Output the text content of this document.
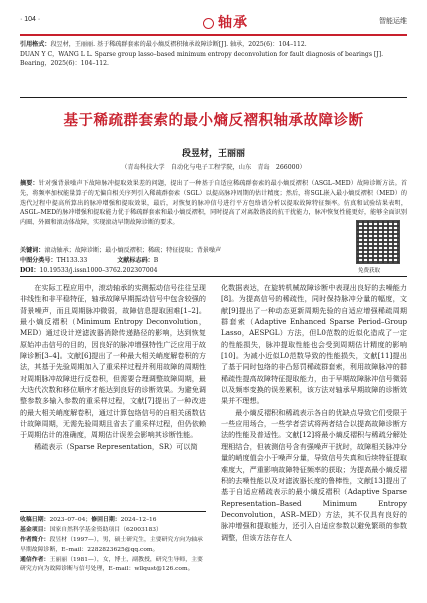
· 104 ·	轴承	智能运维
引用格式：段昱材，王丽丽. 基于稀疏群套索的最小熵反褶积轴承故障诊断[J]. 轴承，2025(6)：104–112.
DUAN Y C，WANG L L. Sparse group lasso–based minimum entropy deconvolution for fault diagnosis of bearings [J]. Bearing，2025(6)：104–112.
基于稀疏群套索的最小熵反褶积轴承故障诊断
段昱材，王丽丽
（青岛科技大学　自动化与电子工程学院，山东　青岛　266000）
摘要：针对强背景噪声下故障脉冲提取效果差的问题，提出了一种基于自适应稀疏群套索的最小熵反褶积（ASGL–MED）故障诊断方法。首先，将频率加权能量算子的无偏自相关序列引入稀疏群套索（SGL）以提高脉冲周期的估计精度；然后，将SGL嵌入最小熵反褶积（MED）的迭代过程中提高所算出的脉冲增强和提取效果，最后，对恢复的脉冲信号进行平方包络谱分析以提取故障特征频率。仿真和试验结果表明，ASGL–MED的脉冲增强和提取能力优于稀疏群套索和最小熵反褶积，同时提高了对离散谐波的抗干扰能力，脉冲恢复性能更好，能够全面识别内圈、外圈和滚动体故障，实现滚动早期故障诊断的要求。
关键词：滚动轴承；故障诊断；最小熵反褶积；稀疏；特征提取；背景噪声
中图分类号：TH133.33	文献标志码：B
DOI：10.19533/j.issn1000–3762.202307004	免费获取

在实际工程应用中，滚动轴承的实测振动信号往往呈现非线性和非平稳特征，轴承故障早期振动信号中包含较强的背景噪声，而且周期脉冲微弱，故障信息提取困难[1–2]。最小熵反褶积（Minimum Entropy Deconvolution，MED）通过设计逆滤波器消除传递路径的影响，达到恢复原始冲击信号的目的，因良好的脉冲增强特性广泛应用于故障诊断[3–4]。文献[6]提出了一种最大相关峭度解卷积的方法，其基于先验周期加入了重采样过程并利用故障的周期性对周期脉冲故障进行反卷积，但需要合理调整故障周期，最大迭代次数和移位顺序才能达到良好的诊断效果。为避免调整参数多输入参数的重采样过程，文献[7]提出了一种改进的最大相关峭度解卷积，通过计算包络信号的自相关函数估计故障周期，无需先验周期且省去了重采样过程，但仍依赖于周期估计的准确度，周期估计误差会影响其诊断性能。

稀疏表示（Sparse Representation，SR）可以简

化数据表达，在旋转机械故障诊断中表现出良好的去噪能力[8]。为提高信号的稀疏性，同时保持脉冲分量的幅度，文献[9]提出了一种动态更新周期先验的自适应增强稀疏周期群套索（Adaptive Enhanced Sparse Period–Group Lasso，AESPGL）方法，但L0范数的近似化造成了一定的性能损失，脉冲提取性能也会受到周期估计精度的影响[10]。为减小近似L0范数导致的性能损失，文献[11]提出了基于同时包络的非凸惩罚稀疏群套索，利用故障脉冲的群稀疏性提高故障特征提取能力，由于早期故障脉冲信号微弱以及频率变换的误差累积，该方法对轴承早期故障的诊断效果并不理想。

最小熵反褶积和稀疏表示各自的优缺点导致它们受限于一些应用场合，一些学者尝试将两者结合以提高故障诊断方法的性能及普适性。文献[12]将最小熵反褶积与稀疏分解处理相结合，但被测信号含有强噪声干扰时，故障相关脉冲分量的峭度值会小于噪声分量，导致信号失真和后续特征提取难度大，严重影响故障特征频率的获取；为提高最小熵反褶积的去噪性能以及对滤波器长度的鲁棒性，文献[13]提出了基于自适应稀疏表示的最小熵反褶积（Adaptive Sparse Representation–Based Minimum Entropy Deconvolution，ASR–MED）方法，其不仅具有良好的脉冲增强和提取能力，还引入自适应参数以避免繁琐的参数调整，但该方法存在人

收稿日期：2023–07–04；修回日期：2024–12–16
基金项目：国家自然科学基金资助项目（62003183）
作者简介：段昱材（1997—），男，硕士研究生，主要研究方向为轴承早期故障诊断，E–mail：2282823625@qq.com。
通信作者：王丽丽（1981—），女，博士，副教授，研究生导师，主要研究方向为故障诊断与信号处理，E–mail：wllqust@126.com。
